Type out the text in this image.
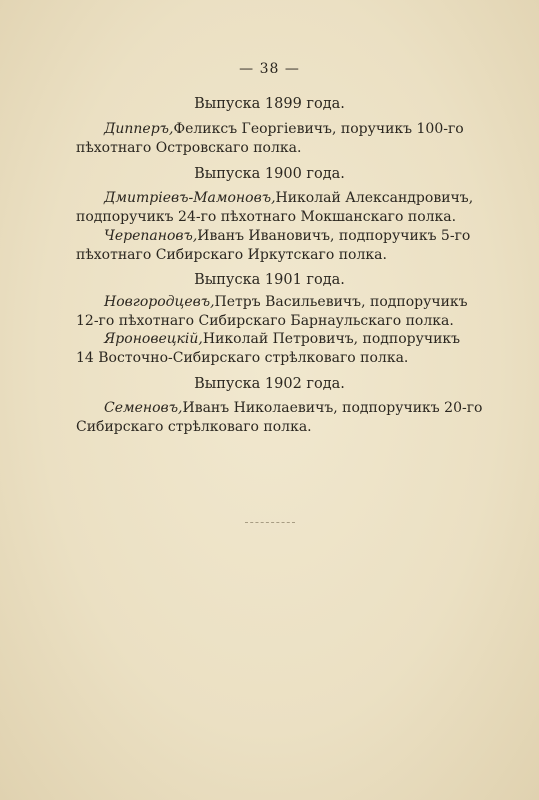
— 38 —
Выпуска 1899 года.
Дипперъ, Феликсъ Георгіевичъ, поручикъ 100-го
пѣхотнаго Островскаго полка.
Выпуска 1900 года.
Дмитріевъ-Мамоновъ, Николай Александровичъ,
подпоручикъ 24-го пѣхотнаго Мокшанскаго полка.
Черепановъ, Иванъ Ивановичъ, подпоручикъ 5-го
пѣхотнаго Сибирскаго Иркутскаго полка.
Выпуска 1901 года.
Новгородцевъ, Петръ Васильевичъ, подпоручикъ
12-го пѣхотнаго Сибирскаго Барнаульскаго полка.
Яроновецкій, Николай Петровичъ, подпоручикъ
14 Восточно-Сибирскаго стрѣлковаго полка.
Выпуска 1902 года.
Семеновъ, Иванъ Николаевичъ, подпоручикъ 20-го
Сибирскаго стрѣлковаго полка.
